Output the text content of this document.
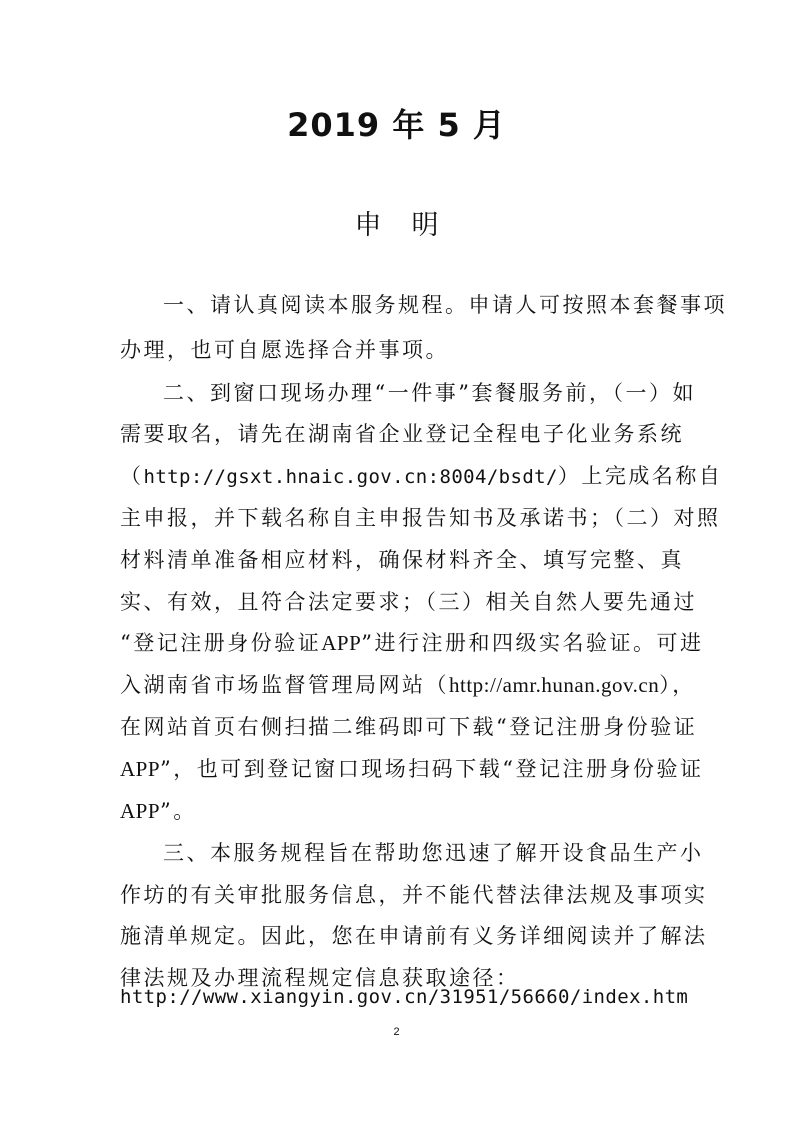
2019 年 5 月
申明
一、请认真阅读本服务规程。申请人可按照本套餐事项
办理，也可自愿选择合并事项。
二、到窗口现场办理“一件事”套餐服务前，（一）如
需要取名，请先在湖南省企业登记全程电子化业务系统
（http://gsxt.hnaic.gov.cn:8004/bsdt/）上完成名称自
主申报，并下载名称自主申报告知书及承诺书；（二）对照
材料清单准备相应材料，确保材料齐全、填写完整、真
实、有效，且符合法定要求；（三）相关自然人要先通过
“登记注册身份验证APP”进行注册和四级实名验证。可进
入湖南省市场监督管理局网站（http://amr.hunan.gov.cn），
在网站首页右侧扫描二维码即可下载“登记注册身份验证
APP”，也可到登记窗口现场扫码下载“登记注册身份验证
APP”。
三、本服务规程旨在帮助您迅速了解开设食品生产小
作坊的有关审批服务信息，并不能代替法律法规及事项实
施清单规定。因此，您在申请前有义务详细阅读并了解法
律法规及办理流程规定信息获取途径：
http://www.xiangyin.gov.cn/31951/56660/index.htm
2
